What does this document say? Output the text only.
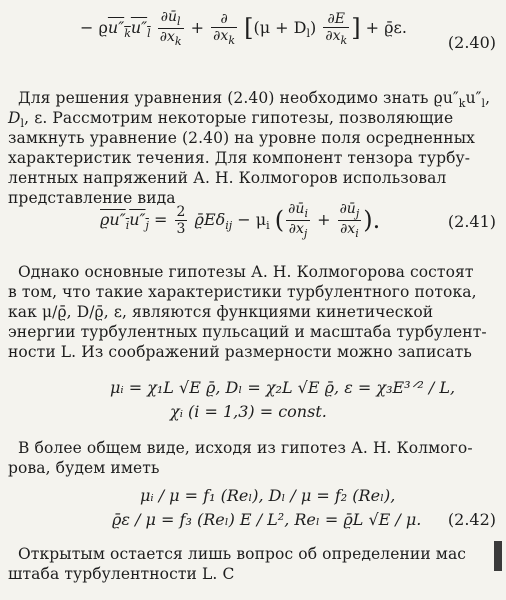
− $ϱu''_ku''_l \frac{\partial ū_l}{\partial x_k} + \frac{\partial}{\partial x_k} [(\mu + D_l) \frac{\partial E}{\partial x_k}$ ] + ϱ̄ε.
(2.40)
Для решения уравнения (2.40) необходимо знать $ϱu''_ku''_l$,
$D_l$, ε. Рассмотрим некоторые гипотезы, позволяющие
замкнуть уравнение (2.40) на уровне поля осредненных
характеристик течения. Для компонент тензора турбу-
лентных напряжений А. Н. Колмогоров использовал
представление вида
$ϱu''_iu''_j = \frac{2}{3}$ $ϱ̄E\delta_{ij} - \mu_i$ ( $\frac{\partial ū_i}{\partial x_j} + \frac{\partial ū_j}{\partial x_i}$ ).	(2.41)
Однако основные гипотезы А. Н. Колмогорова состоят
в том, что такие характеристики турбулентного потока,
как μ/ϱ̄, D/ϱ̄, ε, являются функциями кинетической
энергии турбулентных пульсаций и масштаба турбулент-
ности L. Из соображений размерности можно записать
μᵢ = χ₁L √E ϱ̄, Dₗ = χ₂L √E ϱ̄, ε = χ₃E³ᐟ² / L,
χᵢ (i = 1,3) = const.
В более общем виде, исходя из гипотез А. Н. Колмого-
рова, будем иметь
μᵢ / μ = f₁ (Reₗ), Dₗ / μ = f₂ (Reₗ),
ϱ̄ε / μ = f₃ (Reₗ) E / L², Reₗ = ϱ̄L √E / μ. (2.42)
Открытым остается лишь вопрос об определении мас
штаба турбулентности L. С
